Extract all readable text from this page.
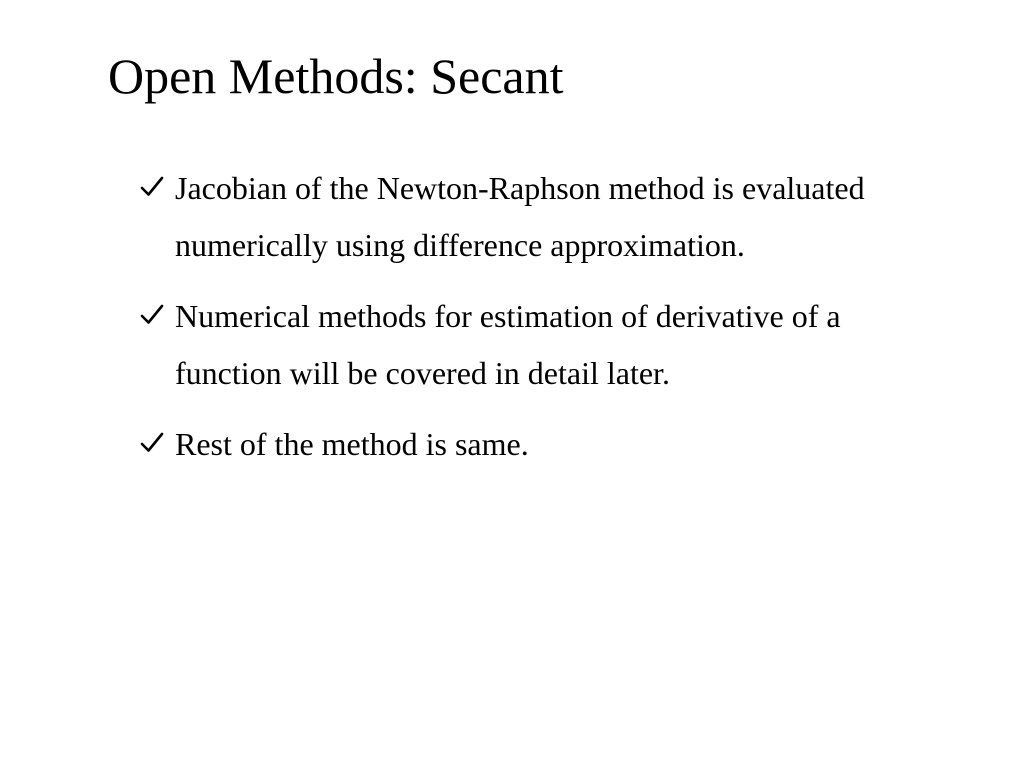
Open Methods: Secant
Jacobian of the Newton-Raphson method is evaluated numerically using difference approximation.
Numerical methods for estimation of derivative of a function will be covered in detail later.
Rest of the method is same.
